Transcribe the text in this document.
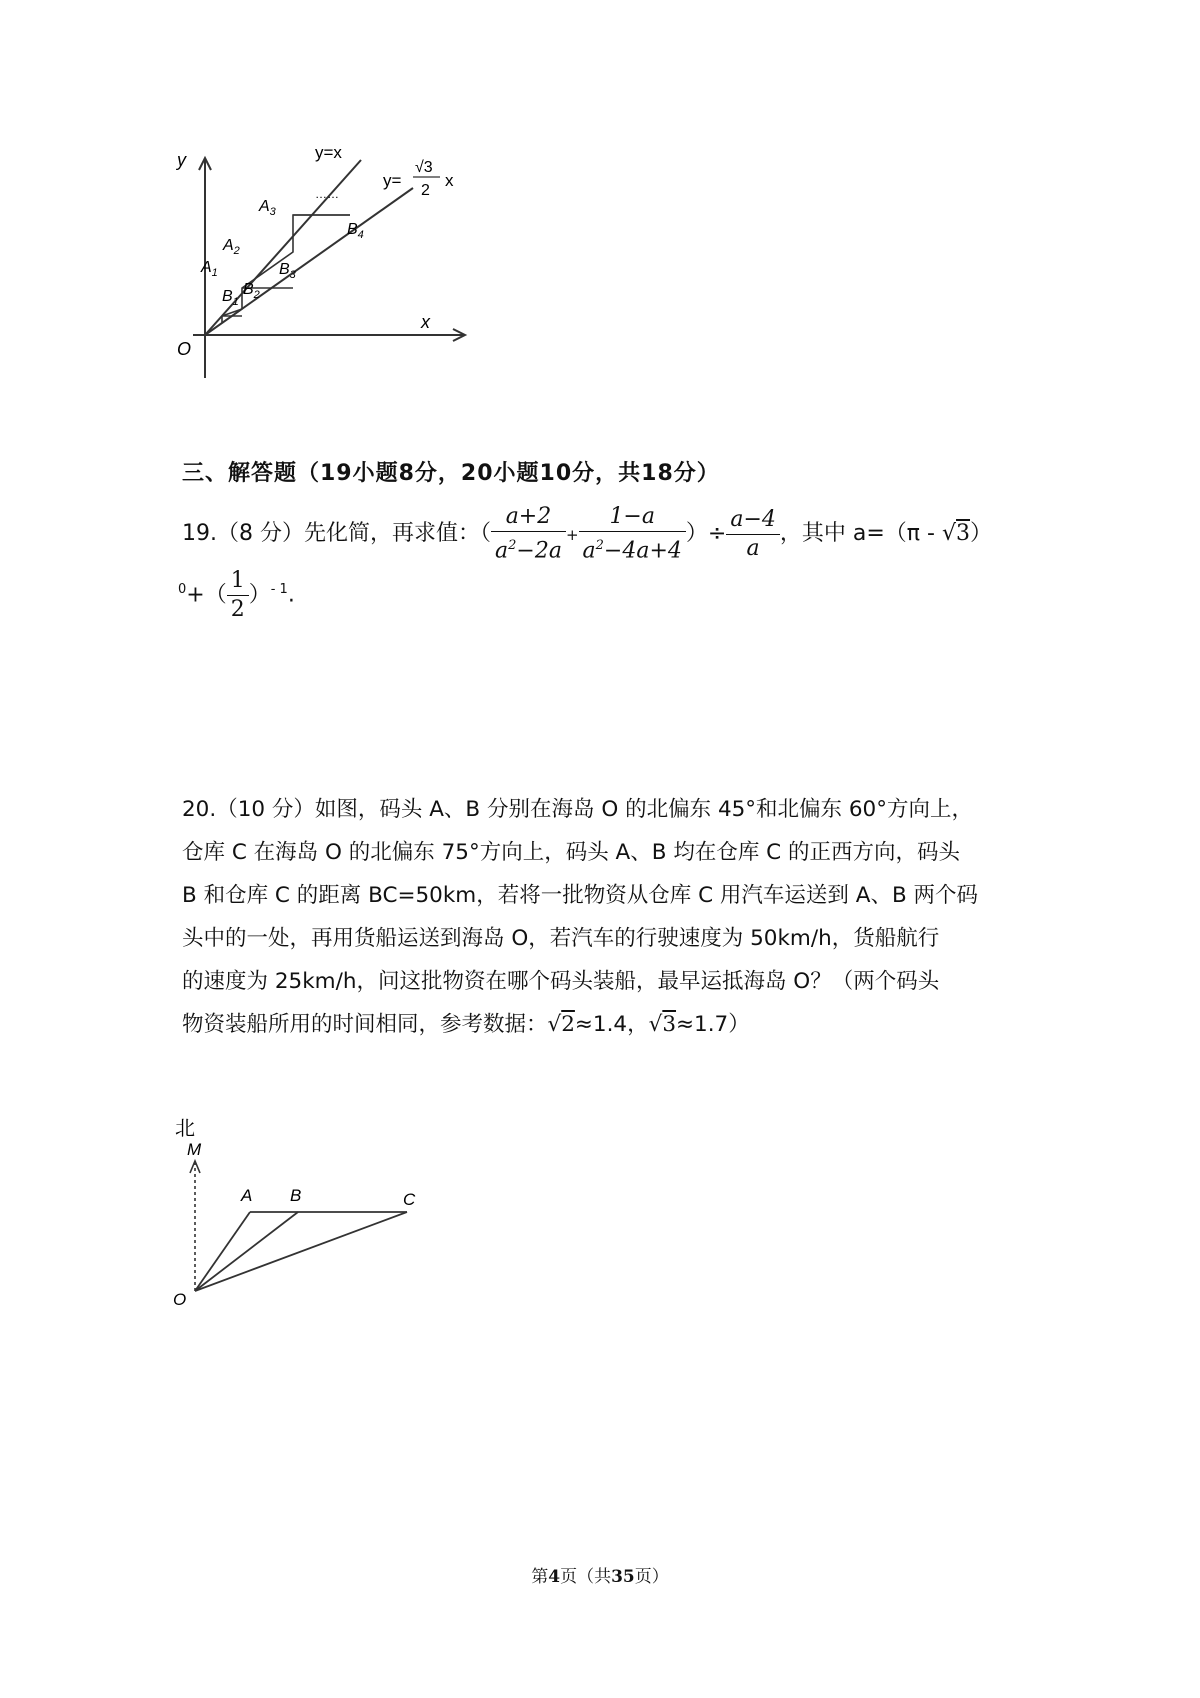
y
x
O
y=x
y=
√3
2
x
……
$A_1$
$A_2$
$A_3$
$B_1$
$B_2$
$B_3$
$B_4$
三、解答题（19小题8分，20小题10分，共18分）
19.（8 分）先化简，再求值：（ $\frac{a+2}{a^2-2a} + \frac{1-a}{a^2-4a+4}$ ）÷ $\frac{a-4}{a}$ ，其中 a=（π - √3）
$^0+( \frac{1}{2} )^{- 1}$.

20.（10 分）如图，码头 A、B 分别在海岛 O 的北偏东 45°和北偏东 60°方向上，

仓库 C 在海岛 O 的北偏东 75°方向上，码头 A、B 均在仓库 C 的正西方向，码头

B 和仓库 C 的距离 BC=50km，若将一批物资从仓库 C 用汽车运送到 A、B 两个码

头中的一处，再用货船运送到海岛 O，若汽车的行驶速度为 50km/h，货船航行

的速度为 25km/h，问这批物资在哪个码头装船，最早运抵海岛 O？（两个码头

物资装船所用的时间相同，参考数据：√2≈1.4，√3≈1.7）

北
M
A B	C
O
第4页（共35页）
